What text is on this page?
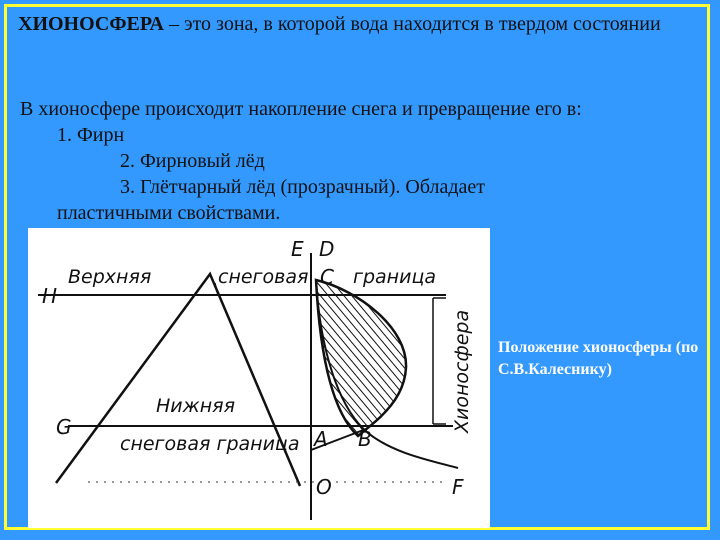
ХИОНОСФЕРА – это зона, в которой вода находится в твердом состоянии
В хионосфере происходит накопление снега и превращение его в:
1. Фирн
2. Фирновый лёд
3. Глётчарный лёд (прозрачный). Обладает
пластичными свойствами.
Верхняя	снеговая граница
Нижняя
снеговая граница
Хионосфера
E D
C
H
G	A B
O	F
Положение хионосферы (по С.В.Калеснику)
